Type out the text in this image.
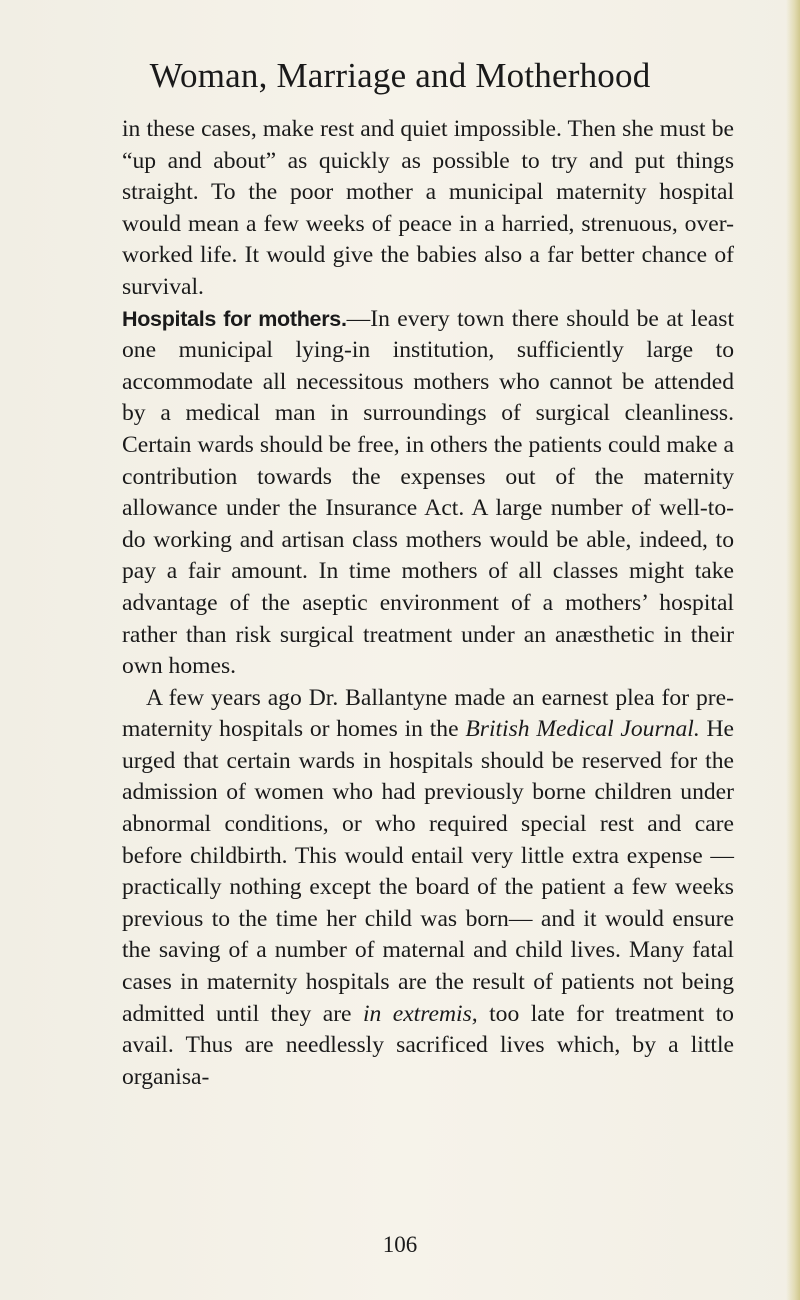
Woman, Marriage and Motherhood

in these cases, make rest and quiet impossible. Then she must be “up and about” as quickly as possible to try and put things straight. To the poor mother a municipal maternity hospital would mean a few weeks of peace in a harried, strenuous, over-worked life. It would give the babies also a far better chance of survival.

Hospitals for mothers.—In every town there should be at least one municipal lying-in institution, sufficiently large to accommodate all necessitous mothers who cannot be attended by a medical man in surroundings of surgical cleanliness. Certain wards should be free, in others the patients could make a contribution towards the expenses out of the maternity allowance under the Insurance Act. A large number of well-to-do working and artisan class mothers would be able, indeed, to pay a fair amount. In time mothers of all classes might take advantage of the aseptic environment of a mothers’ hospital rather than risk surgical treatment under an anæsthetic in their own homes.

A few years ago Dr. Ballantyne made an earnest plea for pre-maternity hospitals or homes in the British Medical Journal. He urged that certain wards in hospitals should be reserved for the admission of women who had previously borne children under abnormal conditions, or who required special rest and care before childbirth. This would entail very little extra expense —practically nothing except the board of the patient a few weeks previous to the time her child was born— and it would ensure the saving of a number of maternal and child lives. Many fatal cases in maternity hospitals are the result of patients not being admitted until they are in extremis, too late for treatment to avail. Thus are needlessly sacrificed lives which, by a little organisa-

106
